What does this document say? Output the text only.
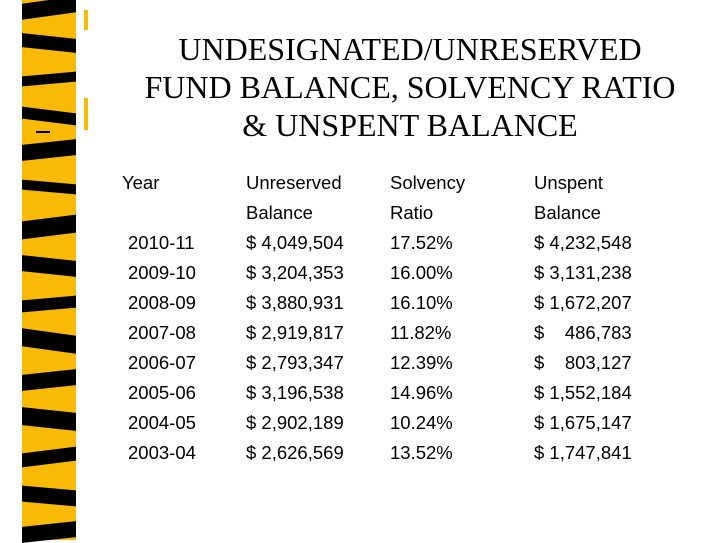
UNDESIGNATED/UNRESERVED
FUND BALANCE, SOLVENCY RATIO
& UNSPENT BALANCE
Year
2010-11
2009-10
2008-09
2007-08
2006-07
2005-06
2004-05
2003-04
Unreserved
Balance
$ 4,049,504
$ 3,204,353
$ 3,880,931
$ 2,919,817
$ 2,793,347
$ 3,196,538
$ 2,902,189
$ 2,626,569
Solvency
Ratio
17.52%
16.00%
16.10%
11.82%
12.39%
14.96%
10.24%
13.52%
Unspent
Balance
$ 4,232,548
$ 3,131,238
$ 1,672,207
$    486,783
$    803,127
$ 1,552,184
$ 1,675,147
$ 1,747,841
